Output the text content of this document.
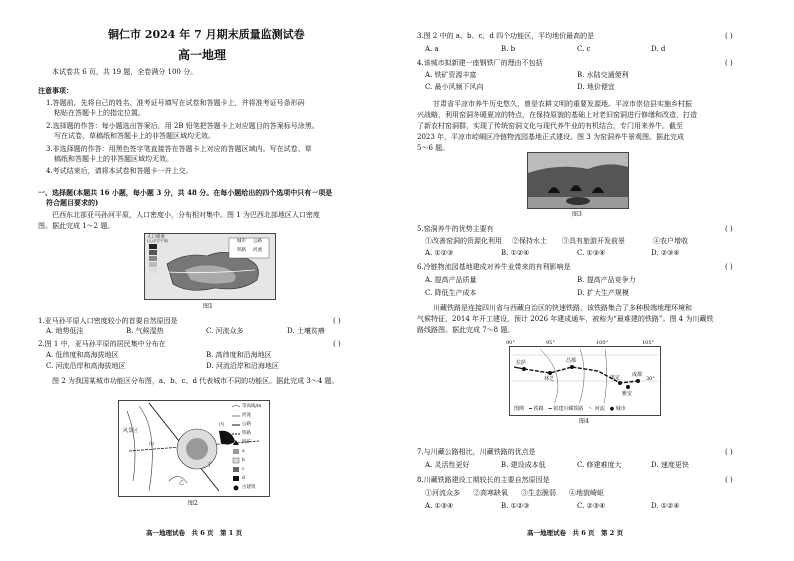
铜仁市 2024 年 7 月期末质量监测试卷
高一地理
本试卷共 6 页，共 19 题，全卷满分 100 分。
注意事项：
1.答题前，先将自己的姓名、准考证号填写在试卷和答题卡上，并将准考证号条形码
粘贴在答题卡上的指定位置。
2.选择题的作答：每小题选出答案后，用 2B 铅笔把答题卡上对应题目的答案标号涂黑。
写在试卷、草稿纸和答题卡上的非答题区域均无效。
3.非选择题的作答：用黑色签字笔直接答在答题卡上对应的答题区域内。写在试卷、草
稿纸和答题卡上的非答题区域均无效。
4.考试结束后，请将本试卷和答题卡一并上交。
一、选择题(本题共 16 小题，每小题 3 分，共 48 分。在每小题给出的四个选项中只有一项是
符合题目要求的)
巴西东北部亚马孙河平原，人口密度小，分布相对集中。图 1 为巴西北部地区人口密度
图。据此完成 1～2 题。
人口密度
(人/平方千米)	城市 公路
铁路 河流
图1
1.亚马孙平原人口密度较小的首要自然原因是	( )
A. 地势低洼	B. 气候湿热	C. 河流众多	D. 土壤贫瘠
2.图 1 中，亚马孙平原的居民集中分布在	( )
A. 低纬度和高海拔地区	B. 高纬度和沿海地区
C. 河流沿岸和高海拔地区	D. 河流沿岸和沿海地区
图 2 为我国某城市功能区分布图，a、b、c、d 代表城市不同的功能区。据此完成 3～4 题。
风景区
甲
丙
乙
丁
等高线/m
河流
公路
铁路
铁矿
a
b
c
d
古建筑
图2
高一地理试卷　共 6 页　第 1 页
3.图 2 中的 a、b、c、d 四个功能区，平均地价最高的是	( )
A. a	B. b	C. c	D. d
4.该城市拟新建一座钢铁厂的理由不包括	( )
A. 铁矿资源丰富	B. 水陆交通便利
C. 最小风频下风向	D. 地价便宜
甘肃省平凉市养牛历史悠久，曾是农耕文明的重要发源地。平凉市崇信县实施乡村振
兴战略，利用窑洞冬暖夏凉的特点，在保持原貌的基础上对老旧窑洞进行修缮和改造，打造
了新农村窑洞群，实现了传统窑洞文化与现代养牛业的有机结合，专门用来养牛。截至
2023 年，平凉市崆峒区冷链物流园基地正式建设。图 3 为窑洞养牛景观图。据此完成
5～6 题。
图3
5.窑洞养牛的优势主要有	( )
①改善窑洞的资源化利用 ②保持水土 ③具有旅游开发前景	④农户增收
A. ①②③	B. ①②④	C. ①③④	D. ②③④
6.冷链物流园基地建成对养牛业带来的有利影响是	( )
A. 提高产品质量	B. 提高产品竞争力
C. 降低生产成本	D. 扩大生产规模
川藏铁路是连接四川省与西藏自治区的快速铁路，该铁路集合了多种极端地理环境和
气候特征，2014 年开工建设，预计 2026 年建成通车，被称为“最难建的铁路”。图 4 为川藏铁
路线路图。据此完成 7～8 题。
90°	95°	100°	105°
30°
拉萨
林芝
昌都
康定
雅安
成都
图例　━ 铁路　━ 拟建川藏铁路　〜 河流　● 城市
图4
7.与川藏公路相比，川藏铁路的优点是	( )
A. 灵活性更好	B. 建设成本低	C. 修建难度大	D. 速度更快
8.川藏铁路建设工期较长的主要自然原因是	( )
①河流众多 ②高寒缺氧 ③生态脆弱 ④地貌崎岖
A. ①③④	B. ①②③	C. ②③④	D. ①②④
高一地理试卷　共 6 页　第 2 页
